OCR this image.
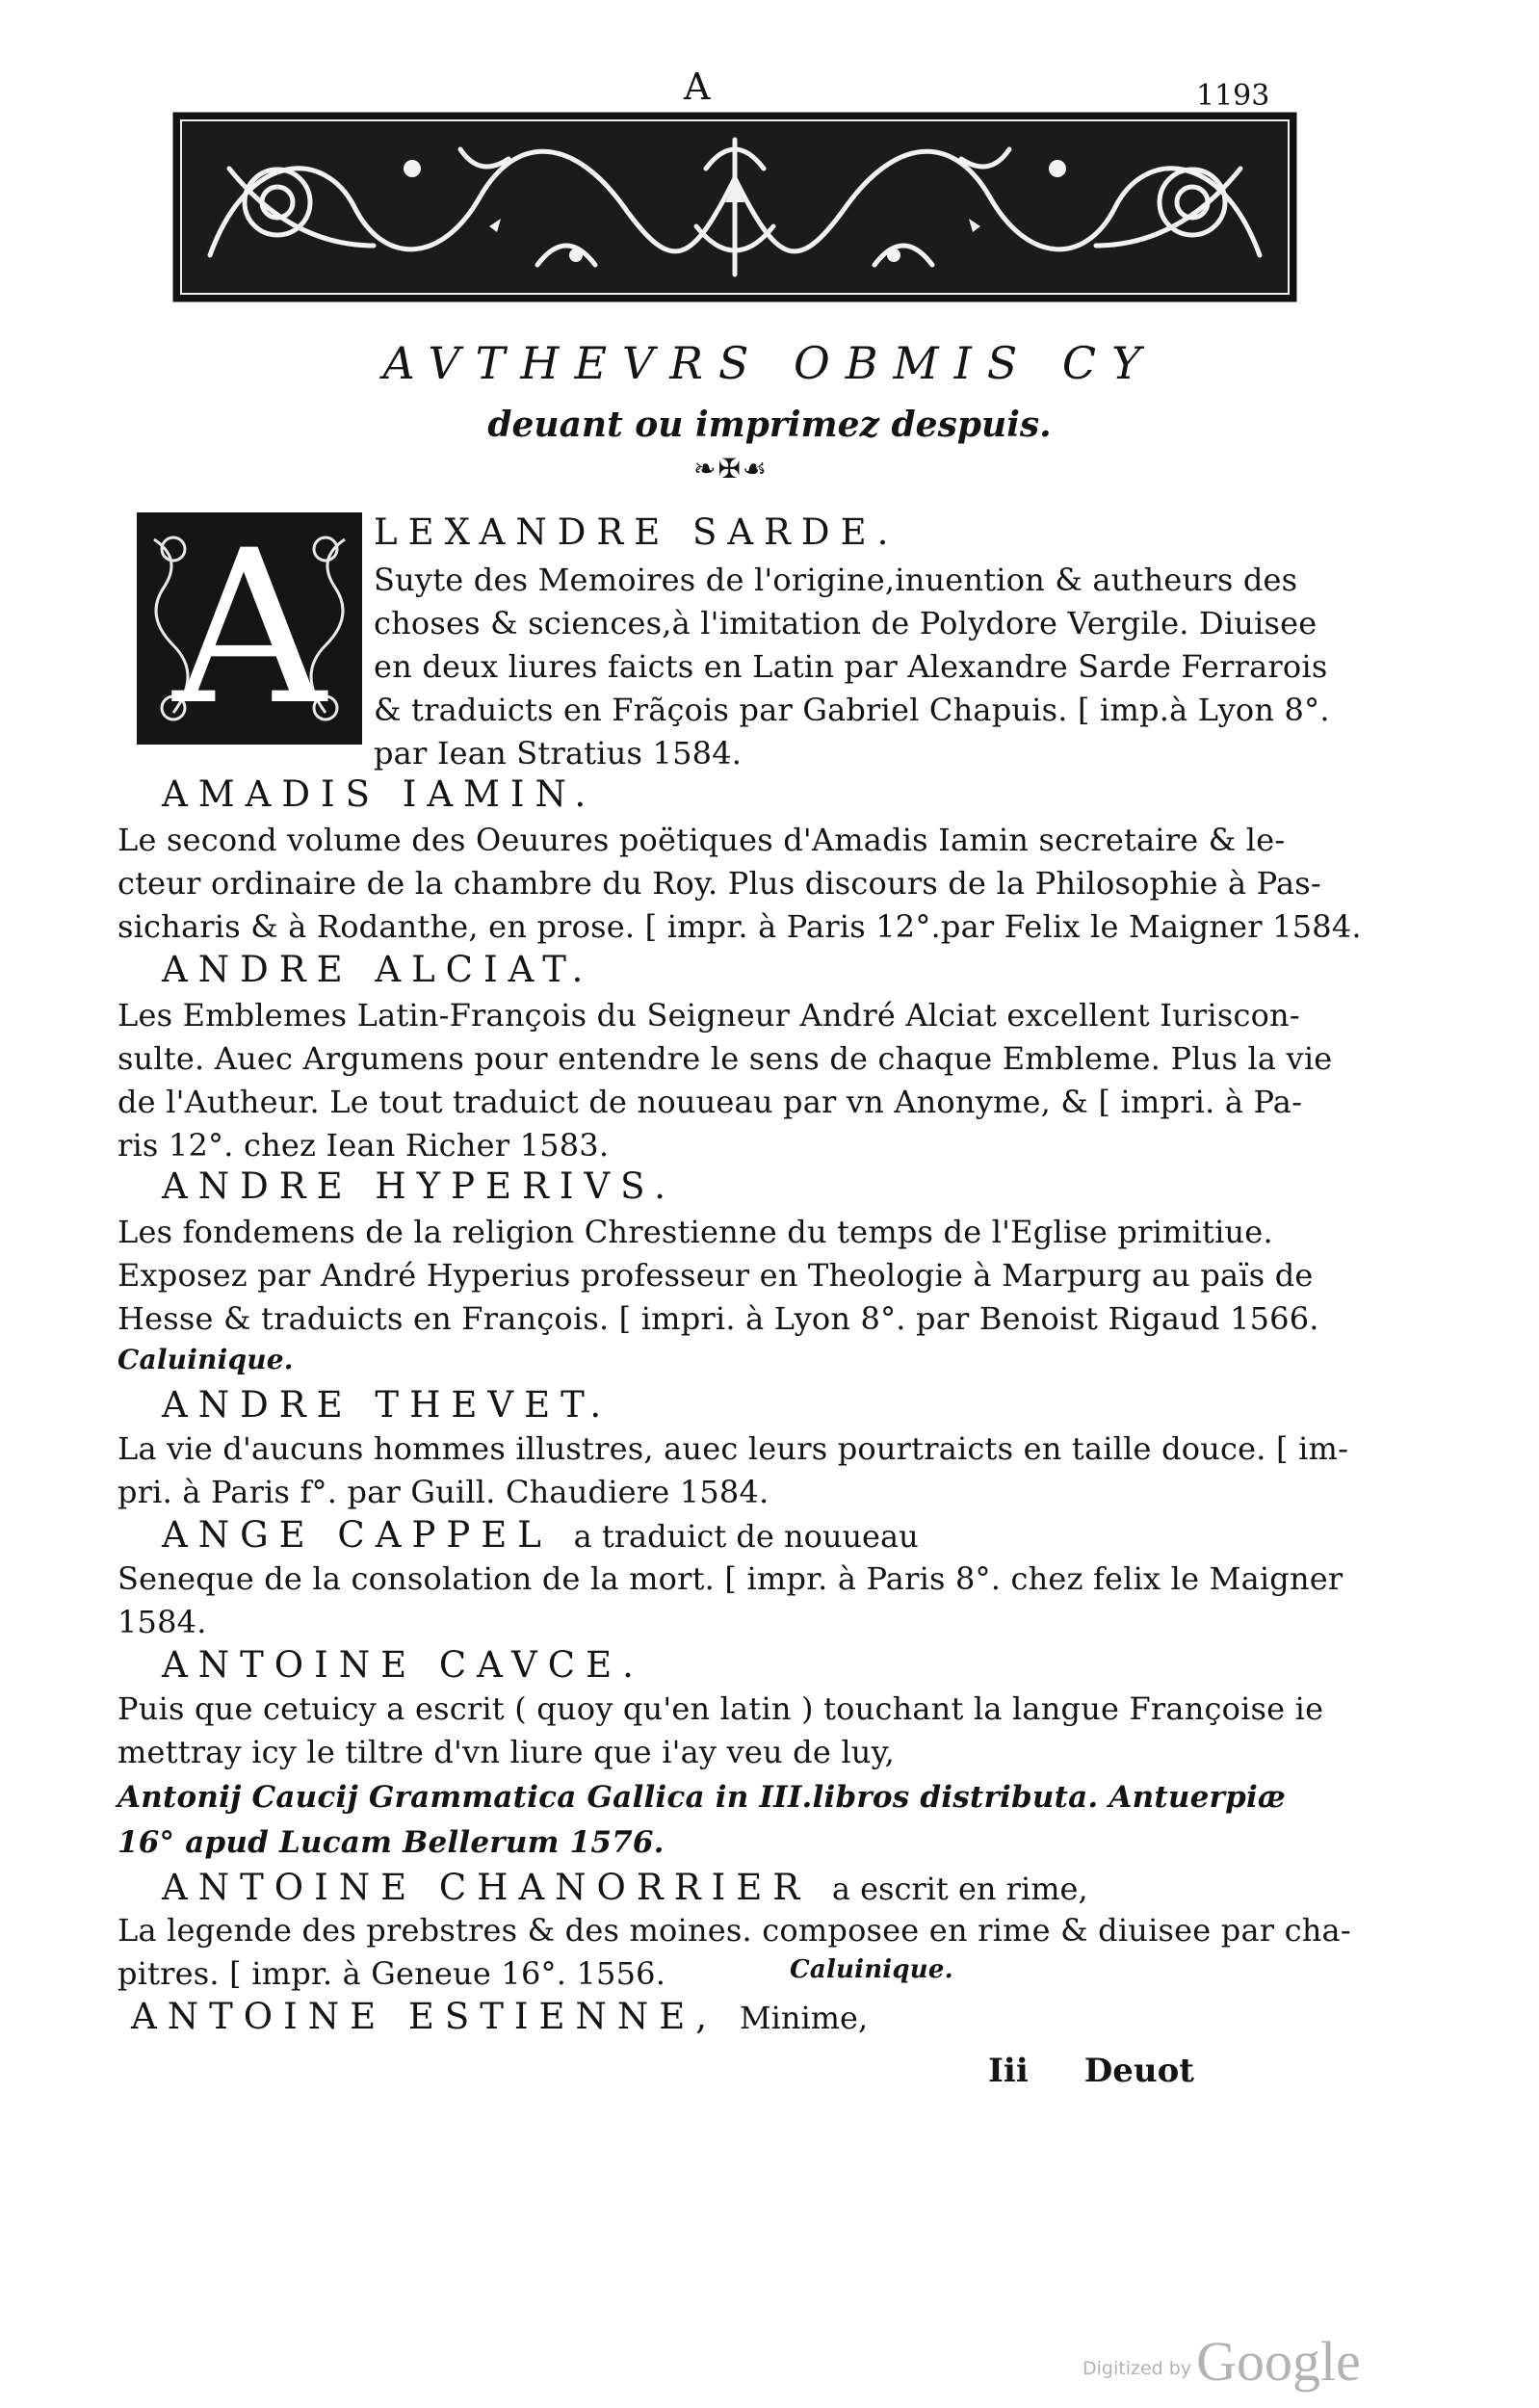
A	1193
AVTHEVRS OBMIS CY
deuant ou imprimez despuis.
❧✠☙
A	LEXANDRE SARDE.
Suyte des Memoires de l'origine,inuention & autheurs des
choses & sciences,à l'imitation de Polydore Vergile. Diuisee
en deux liures faicts en Latin par Alexandre Sarde Ferrarois
& traduicts en Frãçois par Gabriel Chapuis. [ imp.à Lyon 8°.
par Iean Stratius 1584.
AMADIS IAMIN.
Le second volume des Oeuures poëtiques d'Amadis Iamin secretaire & le-
cteur ordinaire de la chambre du Roy. Plus discours de la Philosophie à Pas-
sicharis & à Rodanthe, en prose. [ impr. à Paris 12°.par Felix le Maigner 1584.
ANDRE ALCIAT.
Les Emblemes Latin-François du Seigneur André Alciat excellent Iuriscon-
sulte. Auec Argumens pour entendre le sens de chaque Embleme. Plus la vie
de l'Autheur. Le tout traduict de nouueau par vn Anonyme, & [ impri. à Pa-
ris 12°. chez Iean Richer 1583.
ANDRE HYPERIVS.
Les fondemens de la religion Chrestienne du temps de l'Eglise primitiue.
Exposez par André Hyperius professeur en Theologie à Marpurg au païs de
Hesse & traduicts en François. [ impri. à Lyon 8°. par Benoist Rigaud 1566.
Caluinique.
ANDRE THEVET.
La vie d'aucuns hommes illustres, auec leurs pourtraicts en taille douce. [ im-
pri. à Paris f°. par Guill. Chaudiere 1584.
ANGE CAPPEL a traduict de nouueau
Seneque de la consolation de la mort. [ impr. à Paris 8°. chez felix le Maigner
1584.
ANTOINE CAVCE.
Puis que cetuicy a escrit ( quoy qu'en latin ) touchant la langue Françoise ie
mettray icy le tiltre d'vn liure que i'ay veu de luy,
Antonij Caucij Grammatica Gallica in III.libros distributa. Antuerpiæ
16° apud Lucam Bellerum 1576.
ANTOINE CHANORRIER a escrit en rime,
La legende des prebstres & des moines. composee en rime & diuisee par cha-
pitres. [ impr. à Geneue 16°. 1556.	Caluinique.
ANTOINE ESTIENNE, Minime,
Iii Deuot
Digitized by Google
